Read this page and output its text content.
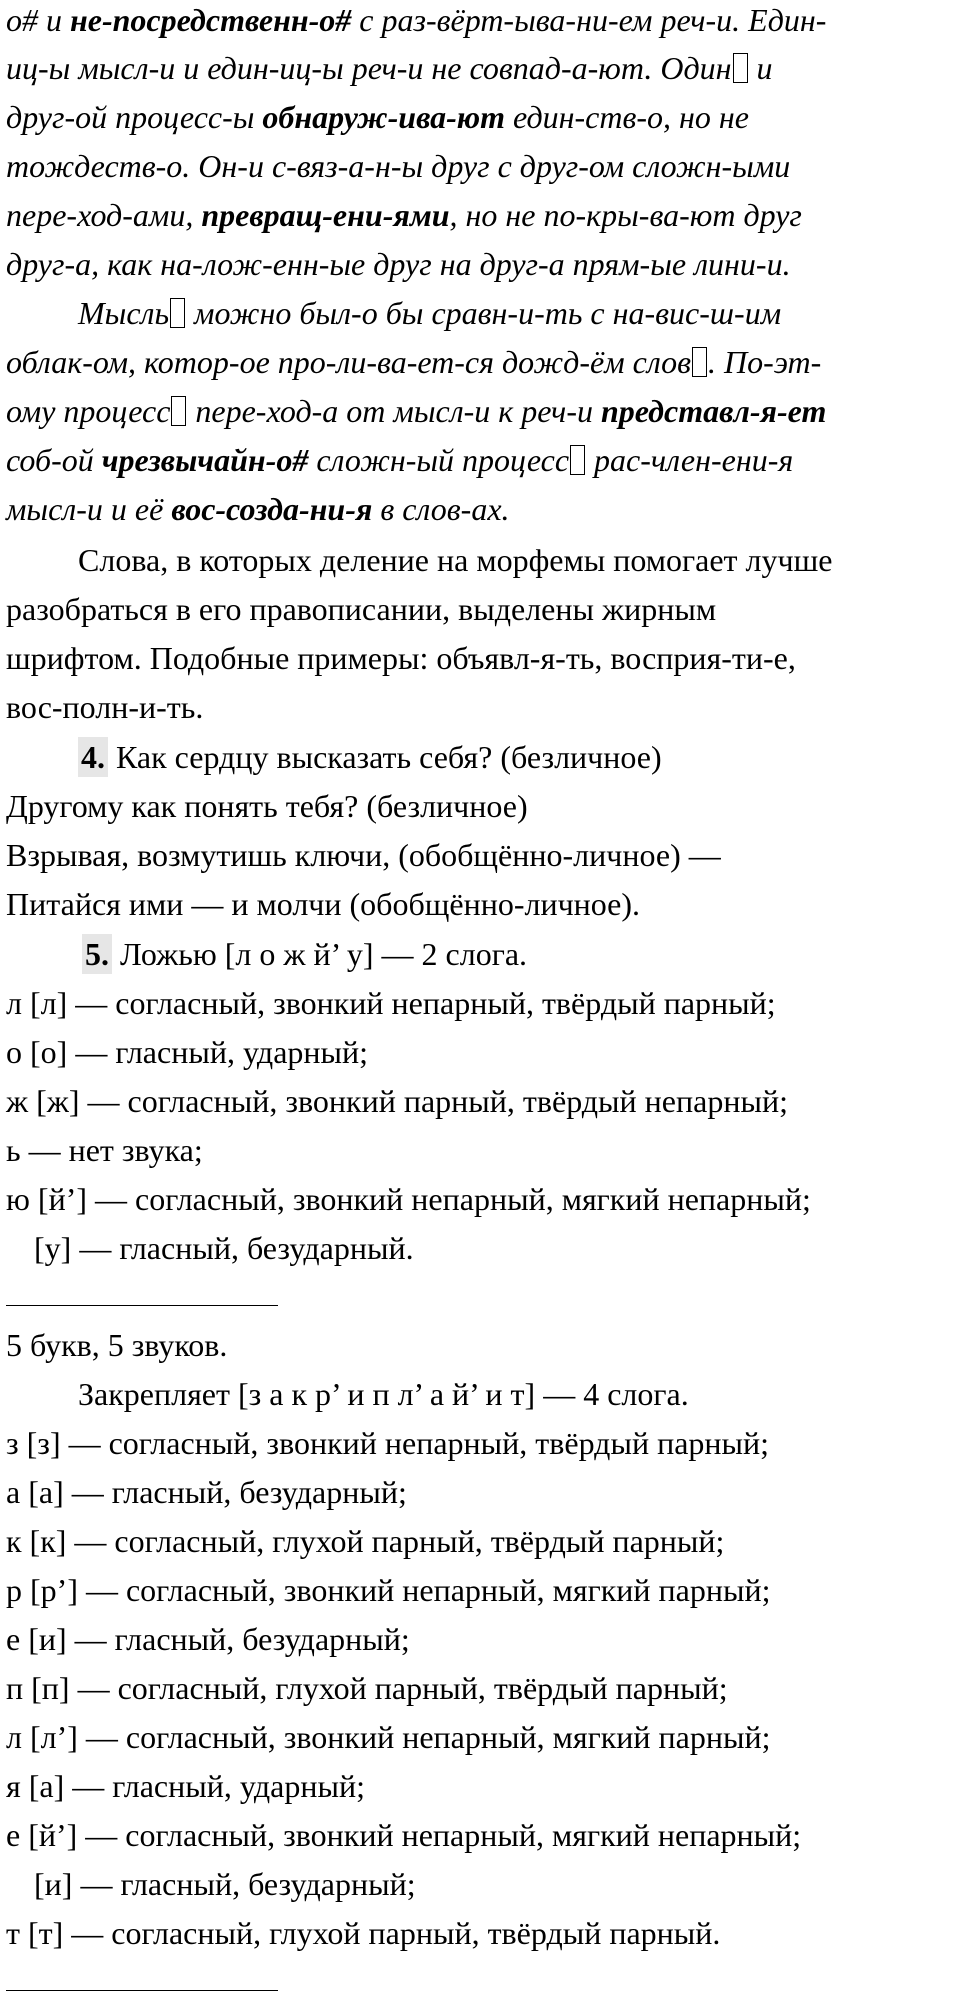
о# и не-посредственн-о# с раз-вёрт-ыва-ни-ем реч-и. Един-
иц-ы мысл-и и един-иц-ы реч-и не совпад-а-ют. Один и
друг-ой процесс-ы обнаруж-ива-ют един-ств-о, но не
тождеств-о. Он-и с-вяз-а-н-ы друг с друг-ом сложн-ыми
пере-ход-ами, превращ-ени-ями, но не по-кры-ва-ют друг
друг-а, как на-лож-енн-ые друг на друг-а прям-ые лини-и.
Мысль можно был-о бы сравн-и-ть с на-вис-ш-им
облак-ом, котор-ое про-ли-ва-ет-ся дожд-ём слов . По-эт-
ому процесс пере-ход-а от мысл-и к реч-и представл-я-ет
соб-ой чрезвычайн-о# сложн-ый процесс рас-член-ени-я
мысл-и и её вос-созда-ни-я в слов-ах.
Слова, в которых деление на морфемы помогает лучше
разобраться в его правописании, выделены жирным
шрифтом. Подобные примеры: объявл-я-ть, восприя-ти-е,
вос-полн-и-ть.
4. Как сердцу высказать себя? (безличное)
Другому как понять тебя? (безличное)
Взрывая, возмутишь ключи, (обобщённо-личное) —
Питайся ими — и молчи (обобщённо-личное).
5. Ложью [л о ж й’ у] — 2 слога.
л [л] — согласный, звонкий непарный, твёрдый парный;
о [о] — гласный, ударный;
ж [ж] — согласный, звонкий парный, твёрдый непарный;
ь — нет звука;
ю [й’] — согласный, звонкий непарный, мягкий непарный;
[у] — гласный, безударный.
5 букв, 5 звуков.
Закрепляет [з а к р’ и п л’ а й’ и т] — 4 слога.
з [з] — согласный, звонкий непарный, твёрдый парный;
а [а] — гласный, безударный;
к [к] — согласный, глухой парный, твёрдый парный;
р [р’] — согласный, звонкий непарный, мягкий парный;
е [и] — гласный, безударный;
п [п] — согласный, глухой парный, твёрдый парный;
л [л’] — согласный, звонкий непарный, мягкий парный;
я [а] — гласный, ударный;
е [й’] — согласный, звонкий непарный, мягкий непарный;
[и] — гласный, безударный;
т [т] — согласный, глухой парный, твёрдый парный.
